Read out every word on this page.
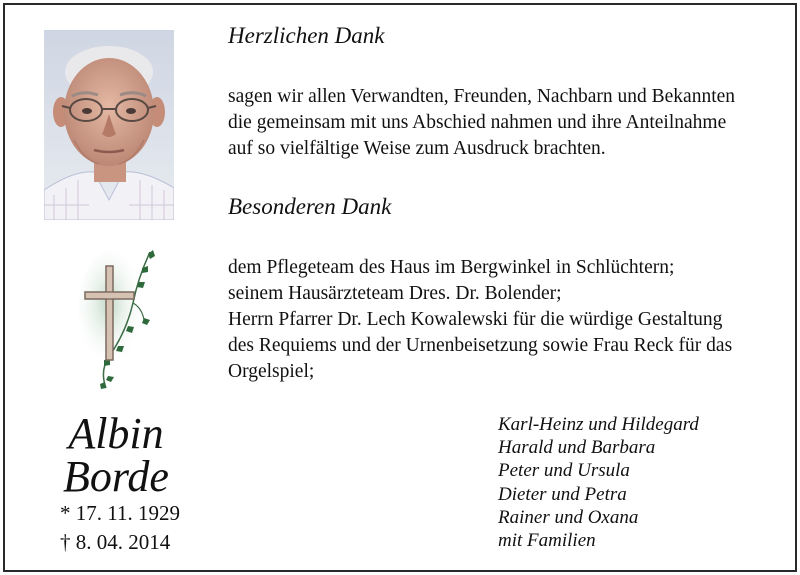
Albin
Borde
* 17. 11. 1929
† 8. 04. 2014
Herzlichen Dank
sagen wir allen Verwandten, Freunden, Nachbarn und Bekannten
die gemeinsam mit uns Abschied nahmen und ihre Anteilnahme
auf so vielfältige Weise zum Ausdruck brachten.
Besonderen Dank
dem Pflegeteam des Haus im Bergwinkel in Schlüchtern;
seinem Hausärzteteam Dres. Dr. Bolender;
Herrn Pfarrer Dr. Lech Kowalewski für die würdige Gestaltung
des Requiems und der Urnenbeisetzung sowie Frau Reck für das
Orgelspiel;
Karl-Heinz und Hildegard
Harald und Barbara
Peter und Ursula
Dieter und Petra
Rainer und Oxana
mit Familien
